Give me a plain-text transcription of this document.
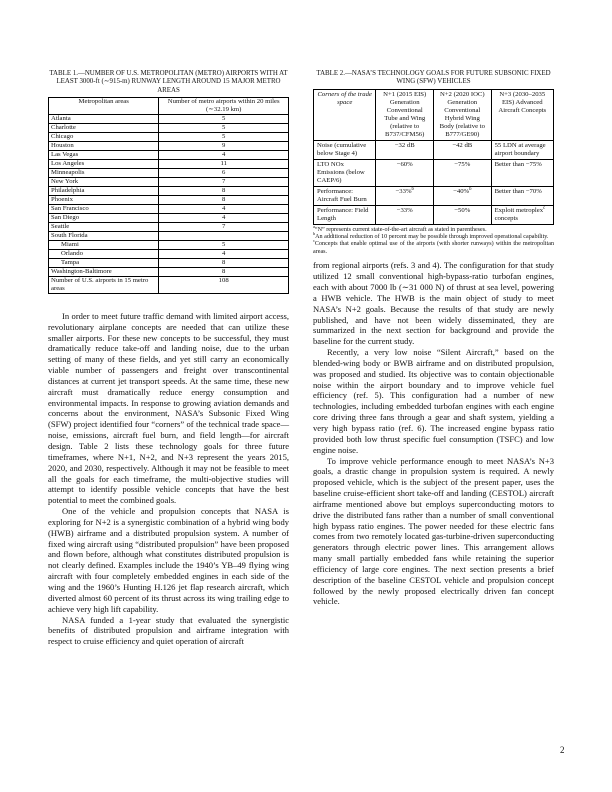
TABLE 1.—NUMBER OF U.S. METROPOLITAN (METRO) AIRPORTS WITH AT LEAST 3000-ft (∼915-m) RUNWAY LENGTH AROUND 15 MAJOR METRO AREAS

Metropolitan areas	Number of metro airports within 20 miles (∼32.19 km)
Atlanta	5
Charlotte	5
Chicago	5
Houston	9
Las Vegas	4
Los Angeles	11
Minneapolis	6
New York	7
Philadelphia	8
Phoenix	8
San Francisco	4
San Diego	4
Seattle	7
South Florida	
Miami	5
Orlando	4
Tampa	8
Washington-Baltimore	8
Number of U.S. airports in 15 metro areas	108

In order to meet future traffic demand with limited airport access, revolutionary airplane concepts are needed that can utilize these smaller airports. For these new concepts to be successful, they must dramatically reduce take-off and landing noise, due to the urban setting of many of these fields, and yet still carry an economically viable number of passengers and freight over transcontinental distances at current jet transport speeds. At the same time, these new aircraft must dramatically reduce energy consumption and environmental impacts. In response to growing aviation demands and concerns about the environment, NASA’s Subsonic Fixed Wing (SFW) project identified four “corners” of the technical trade space—noise, emissions, aircraft fuel burn, and field length—for aircraft design. Table 2 lists these technology goals for three future timeframes, where N+1, N+2, and N+3 represent the years 2015, 2020, and 2030, respectively. Although it may not be feasible to meet all the goals for each timeframe, the multi-objective studies will attempt to identify possible vehicle concepts that have the best potential to meet the combined goals.

One of the vehicle and propulsion concepts that NASA is exploring for N+2 is a synergistic combination of a hybrid wing body (HWB) airframe and a distributed propulsion system. A number of fixed wing aircraft using “distributed propulsion” have been proposed and flown before, although what constitutes distributed propulsion is not clearly defined. Examples include the 1940’s YB–49 flying wing aircraft with four completely embedded engines in each side of the wing and the 1960’s Hunting H.126 jet flap research aircraft, which diverted almost 60 percent of its thrust across its wing trailing edge to achieve very high lift capability.

NASA funded a 1-year study that evaluated the synergistic benefits of distributed propulsion and airframe integration with respect to cruise efficiency and quiet operation of aircraft

TABLE 2.—NASA’S TECHNOLOGY GOALS FOR FUTURE SUBSONIC FIXED WING (SFW) VEHICLES

Corners of the trade space	N+1 (2015 EIS) Generation Conventional Tube and Wing (relative to B737/CFM56)	N+2 (2020 IOC) Generation Conventional Hybrid Wing Body (relative to B777/GE90)	N+3 (2030–2035 EIS) Advanced Aircraft Concepts
Noise (cumulative below Stage 4)	−32 dB	−42 dB	55 LDN at average airport boundary
LTO NOx Emissions (below CAEP/6)	−60%	−75%	Better than −75%
Performance: Aircraft Fuel Burn	−33%$^b$	−40%$^b$	Better than −70%
Performance: Field Length	−33%	−50%	Exploit metroplex$^c$
concepts

$^a$“N” represents current state-of-the-art aircraft as stated in parentheses.

$^b$An additional reduction of 10 percent may be possible through improved operational capability.

$^c$Concepts that enable optimal use of the airports (with shorter runways) within the metropolitan areas.

from regional airports (refs. 3 and 4). The configuration for that study utilized 12 small conventional high-bypass-ratio turbofan engines, each with about 7000 lb (∼31 000 N) of thrust at sea level, powering a HWB vehicle. The HWB is the main object of study to meet NASA’s N+2 goals. Because the results of that study are newly published, and have not been widely disseminated, they are summarized in the next section for background and provide the baseline for the current study.

Recently, a very low noise “Silent Aircraft,” based on the blended-wing body or BWB airframe and on distributed propulsion, was proposed and studied. Its objective was to contain objectionable noise within the airport boundary and to improve vehicle fuel efficiency (ref. 5). This configuration had a number of new technologies, including embedded turbofan engines with each engine core driving three fans through a gear and shaft system, yielding a very high bypass ratio (ref. 6). The increased engine bypass ratio provided both low thrust specific fuel consumption (TSFC) and low engine noise.

To improve vehicle performance enough to meet NASA’s N+3 goals, a drastic change in propulsion system is required. A newly proposed vehicle, which is the subject of the present paper, uses the baseline cruise-efficient short take-off and landing (CESTOL) aircraft airframe mentioned above but employs superconducting motors to drive the distributed fans rather than a number of small conventional high bypass ratio engines. The power needed for these electric fans comes from two remotely located gas-turbine-driven superconducting generators through electric power lines. This arrangement allows many small partially embedded fans while retaining the superior efficiency of large core engines. The next section presents a brief description of the baseline CESTOL vehicle and propulsion concept followed by the newly proposed electrically driven fan concept vehicle.

2
